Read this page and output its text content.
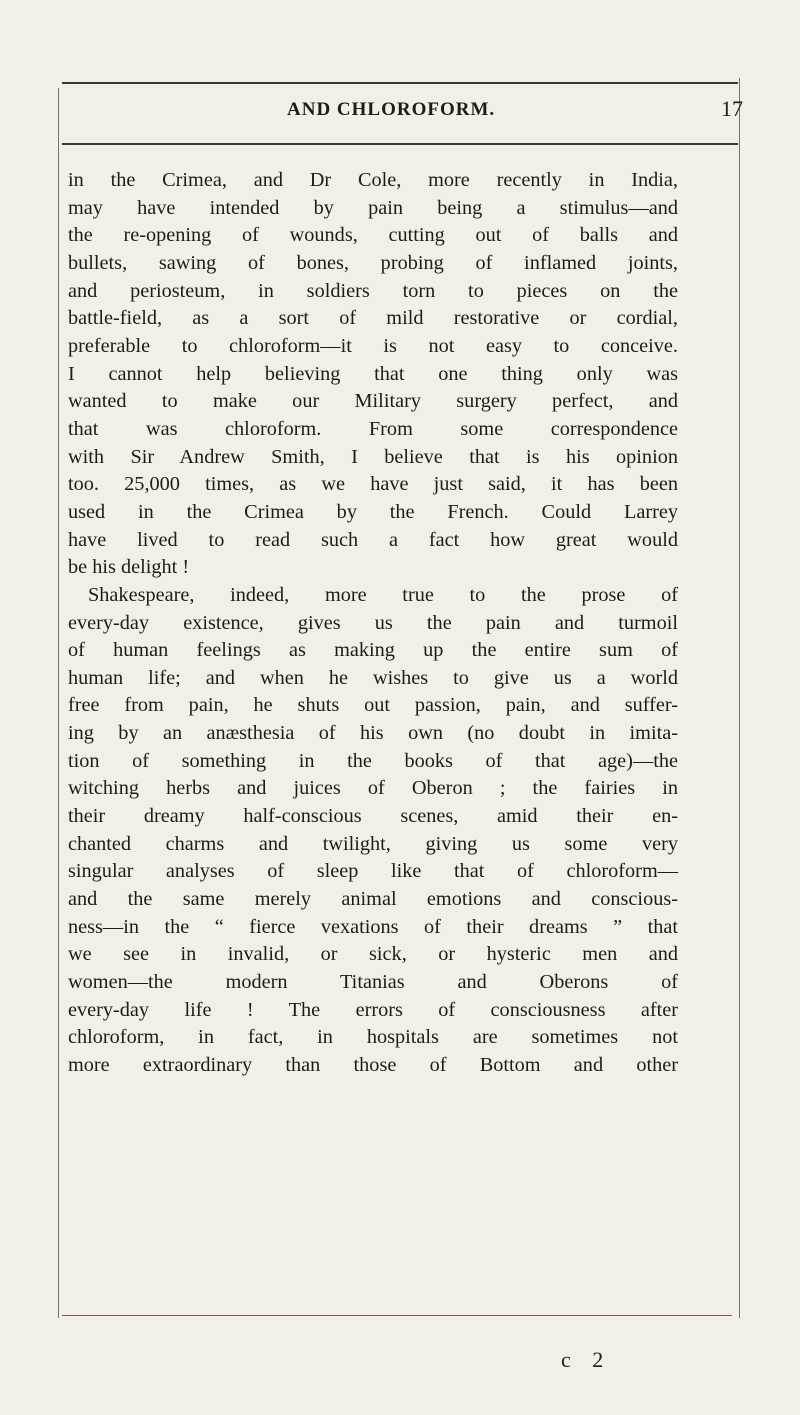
AND CHLOROFORM.	17
in the Crimea, and Dr Cole, more recently in India,
may have intended by pain being a stimulus—and
the re-opening of wounds, cutting out of balls and
bullets, sawing of bones, probing of inflamed joints,
and periosteum, in soldiers torn to pieces on the
battle-field, as a sort of mild restorative or cordial,
preferable to chloroform—it is not easy to conceive.
I cannot help believing that one thing only was
wanted to make our Military surgery perfect, and
that was chloroform. From some correspondence
with Sir Andrew Smith, I believe that is his opinion
too. 25,000 times, as we have just said, it has been
used in the Crimea by the French. Could Larrey
have lived to read such a fact how great would
be his delight !
Shakespeare, indeed, more true to the prose of
every-day existence, gives us the pain and turmoil
of human feelings as making up the entire sum of
human life; and when he wishes to give us a world
free from pain, he shuts out passion, pain, and suffer-
ing by an anæsthesia of his own (no doubt in imita-
tion of something in the books of that age)—the
witching herbs and juices of Oberon ; the fairies in
their dreamy half-conscious scenes, amid their en-
chanted charms and twilight, giving us some very
singular analyses of sleep like that of chloroform—
and the same merely animal emotions and conscious-
ness—in the “ fierce vexations of their dreams ” that
we see in invalid, or sick, or hysteric men and
women—the modern Titanias and Oberons of
every-day life ! The errors of consciousness after
chloroform, in fact, in hospitals are sometimes not
more extraordinary than those of Bottom and other
c 2
